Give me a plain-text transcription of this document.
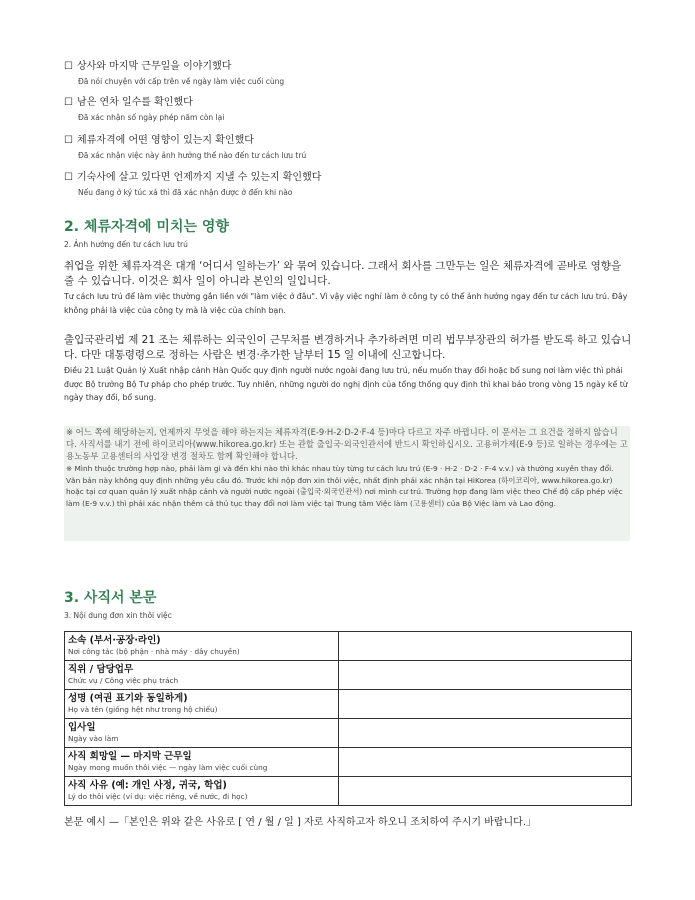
☐ 상사와 마지막 근무일을 이야기했다
Đã nói chuyện với cấp trên về ngày làm việc cuối cùng
☐ 남은 연차 일수를 확인했다
Đã xác nhận số ngày phép năm còn lại
☐ 체류자격에 어떤 영향이 있는지 확인했다
Đã xác nhận việc này ảnh hưởng thế nào đến tư cách lưu trú
☐ 기숙사에 살고 있다면 언제까지 지낼 수 있는지 확인했다
Nếu đang ở ký túc xá thì đã xác nhận được ở đến khi nào
2. 체류자격에 미치는 영향
2. Ảnh hưởng đến tư cách lưu trú
취업을 위한 체류자격은 대개 ‘어디서 일하는가’ 와 묶여 있습니다. 그래서 회사를 그만두는 일은 체류자격에 곧바로 영향을 줄 수 있습니다. 이것은 회사 일이 아니라 본인의 일입니다.
Tư cách lưu trú để làm việc thường gắn liền với "làm việc ở đâu". Vì vậy việc nghỉ làm ở công ty có thể ảnh hưởng ngay đến tư cách lưu trú. Đây không phải là việc của công ty mà là việc của chính bạn.
출입국관리법 제 21 조는 체류하는 외국인이 근무처를 변경하거나 추가하려면 미리 법무부장관의 허가를 받도록 하고 있습니다. 다만 대통령령으로 정하는 사람은 변경·추가한 날부터 15 일 이내에 신고합니다.
Điều 21 Luật Quản lý Xuất nhập cảnh Hàn Quốc quy định người nước ngoài đang lưu trú, nếu muốn thay đổi hoặc bổ sung nơi làm việc thì phải được Bộ trưởng Bộ Tư pháp cho phép trước. Tuy nhiên, những người do nghị định của tổng thống quy định thì khai báo trong vòng 15 ngày kể từ ngày thay đổi, bổ sung.
※ 어느 쪽에 해당하는지, 언제까지 무엇을 해야 하는지는 체류자격(E-9·H-2·D-2·F-4 등)마다 다르고 자주 바뀝니다. 이 문서는 그 요건을 정하지 않습니다. 사직서를 내기 전에 하이코리아(www.hikorea.go.kr) 또는 관할 출입국·외국인관서에 반드시 확인하십시오. 고용허가제(E-9 등)로 일하는 경우에는 고용노동부 고용센터의 사업장 변경 절차도 함께 확인해야 합니다.
※ Mình thuộc trường hợp nào, phải làm gì và đến khi nào thì khác nhau tùy từng tư cách lưu trú (E-9 · H-2 · D-2 · F-4 v.v.) và thường xuyên thay đổi. Văn bản này không quy định những yêu cầu đó. Trước khi nộp đơn xin thôi việc, nhất định phải xác nhận tại HiKorea (하이코리아, www.hikorea.go.kr) hoặc tại cơ quan quản lý xuất nhập cảnh và người nước ngoài (출입국·외국인관서) nơi mình cư trú. Trường hợp đang làm việc theo Chế độ cấp phép việc làm (E-9 v.v.) thì phải xác nhận thêm cả thủ tục thay đổi nơi làm việc tại Trung tâm Việc làm (고용센터) của Bộ Việc làm và Lao động.
3. 사직서 본문
3. Nội dung đơn xin thôi việc
소속 (부서·공장·라인)
Nơi công tác (bộ phận · nhà máy · dây chuyền)	

직위 / 담당업무
Chức vụ / Công việc phụ trách	

성명 (여권 표기와 동일하게)
Họ và tên (giống hệt như trong hộ chiếu)	

입사일
Ngày vào làm	

사직 희망일 — 마지막 근무일
Ngày mong muốn thôi việc — ngày làm việc cuối cùng	

사직 사유 (예: 개인 사정, 귀국, 학업)
Lý do thôi việc (ví dụ: việc riêng, về nước, đi học)	

본문 예시 —「본인은 위와 같은 사유로 [ 연 / 월 / 일 ] 자로 사직하고자 하오니 조치하여 주시기 바랍니다.」
